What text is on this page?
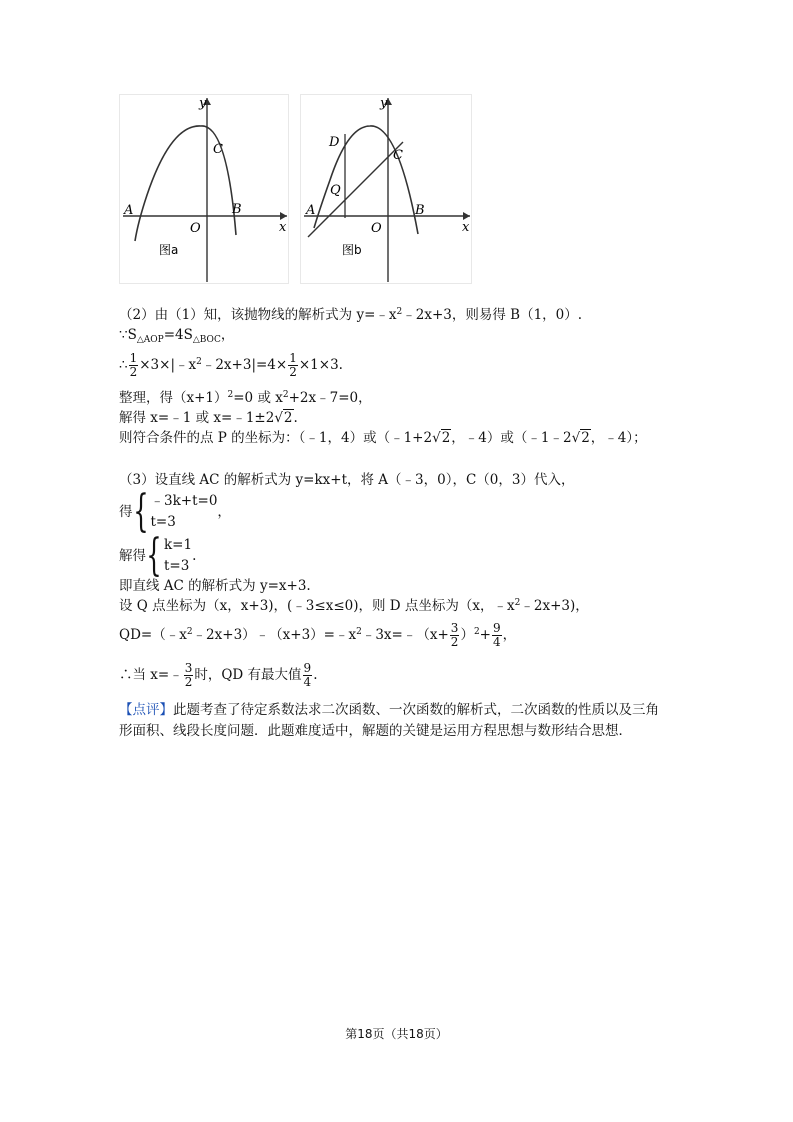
y
x
A	B
C
O
图a
y
x
A	B
C
D
Q
O
图b
（2）由（1）知，该抛物线的解析式为 $y=﹣x^2﹣2x+3$，则易得 B（1，0）.
$\because S_{\triangle AOP}=4S_{\triangle BOC}$，
∴ $\frac{1}{2}$ $\times 3\times|﹣x^2﹣2x+3|=4\times \frac{1}{2} \times 1\times 3$.
整理，得$(x+1)^2=0$ 或 $x^2+2x﹣7=0$，
解得 x=﹣1 或 x=﹣1±2√2.
则符合条件的点 P 的坐标为：（﹣1，4）或（﹣1+2√2，﹣4）或（﹣1﹣2√2，﹣4）；
（3）设直线 AC 的解析式为 y=kx+t，将 A（﹣3，0），C（0，3）代入，
得 { ﹣3k+t=0
t=3
，
解得 { k=1
t=3
.
即直线 AC 的解析式为 y=x+3.
设 Q 点坐标为（x，x+3)，(﹣3≤x≤0)，则 D 点坐标为（x，$﹣x^2﹣2x+3$)，
$QD=(﹣x^2﹣2x+3)﹣(x+3)=﹣x^2﹣3x=﹣(x+ \frac{3}{2} )^2+ \frac{9}{4}$ ，
∴当 x=﹣ $\frac{3}{2}$ 时，QD 有最大值 $\frac{9}{4}$ .
【点评】此题考查了待定系数法求二次函数、一次函数的解析式，二次函数的性质以及三角
形面积、线段长度问题．此题难度适中，解题的关键是运用方程思想与数形结合思想．
第18页（共18页）
